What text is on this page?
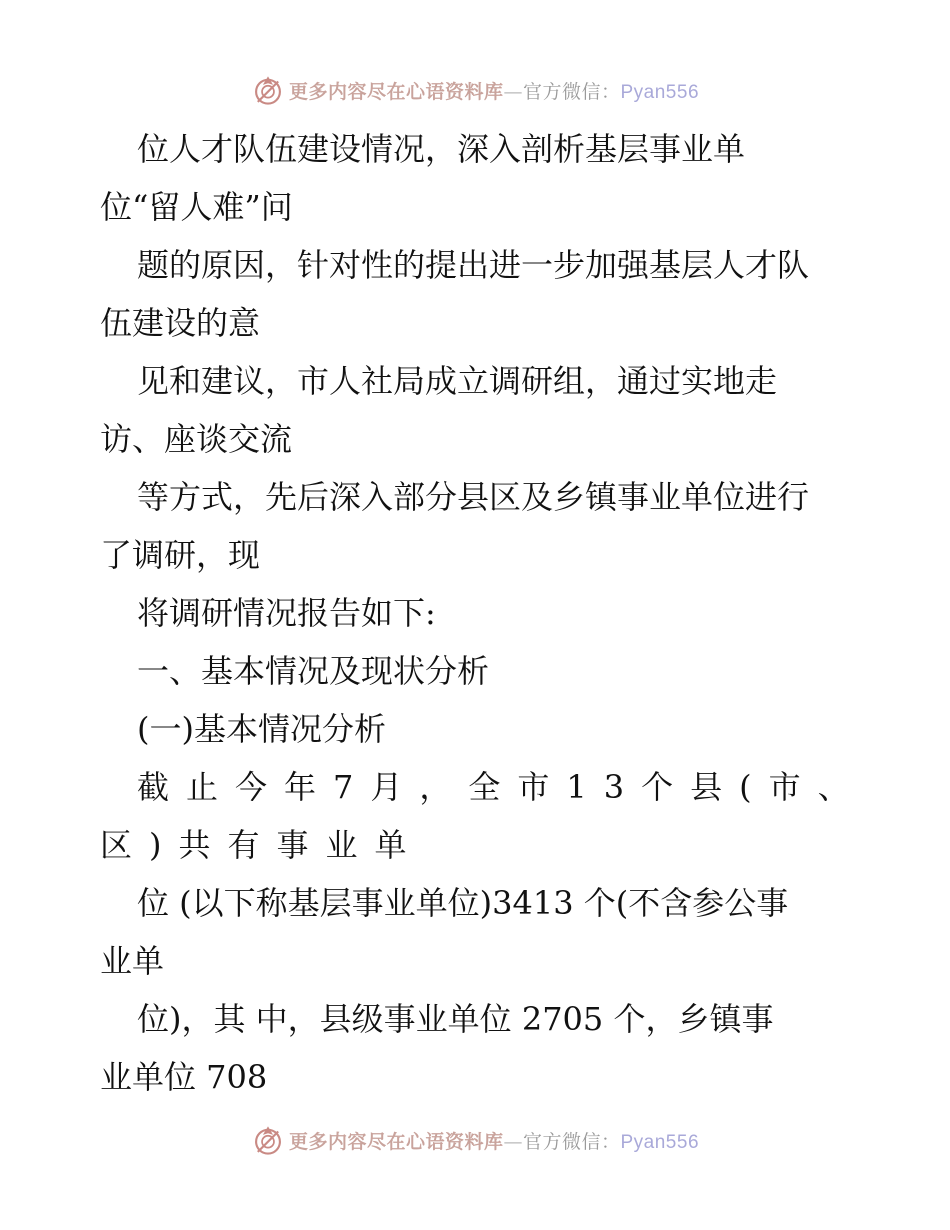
更多内容尽在心语资料库—官方微信：Pyan556
位人才队伍建设情况，深入剖析基层事业单
位“留人难”问
题的原因，针对性的提出进一步加强基层人才队
伍建设的意
见和建议，市人社局成立调研组，通过实地走
访、座谈交流
等方式，先后深入部分县区及乡镇事业单位进行
了调研，现
将调研情况报告如下:
一、基本情况及现状分析
(一)基本情况分析
截止今年7月，全市13个县(市、
区)共有事业单
位 (以下称基层事业单位)3413 个(不含参公事
业单
位)，其 中，县级事业单位 2705 个，乡镇事
业单位 708
更多内容尽在心语资料库—官方微信：Pyan556
